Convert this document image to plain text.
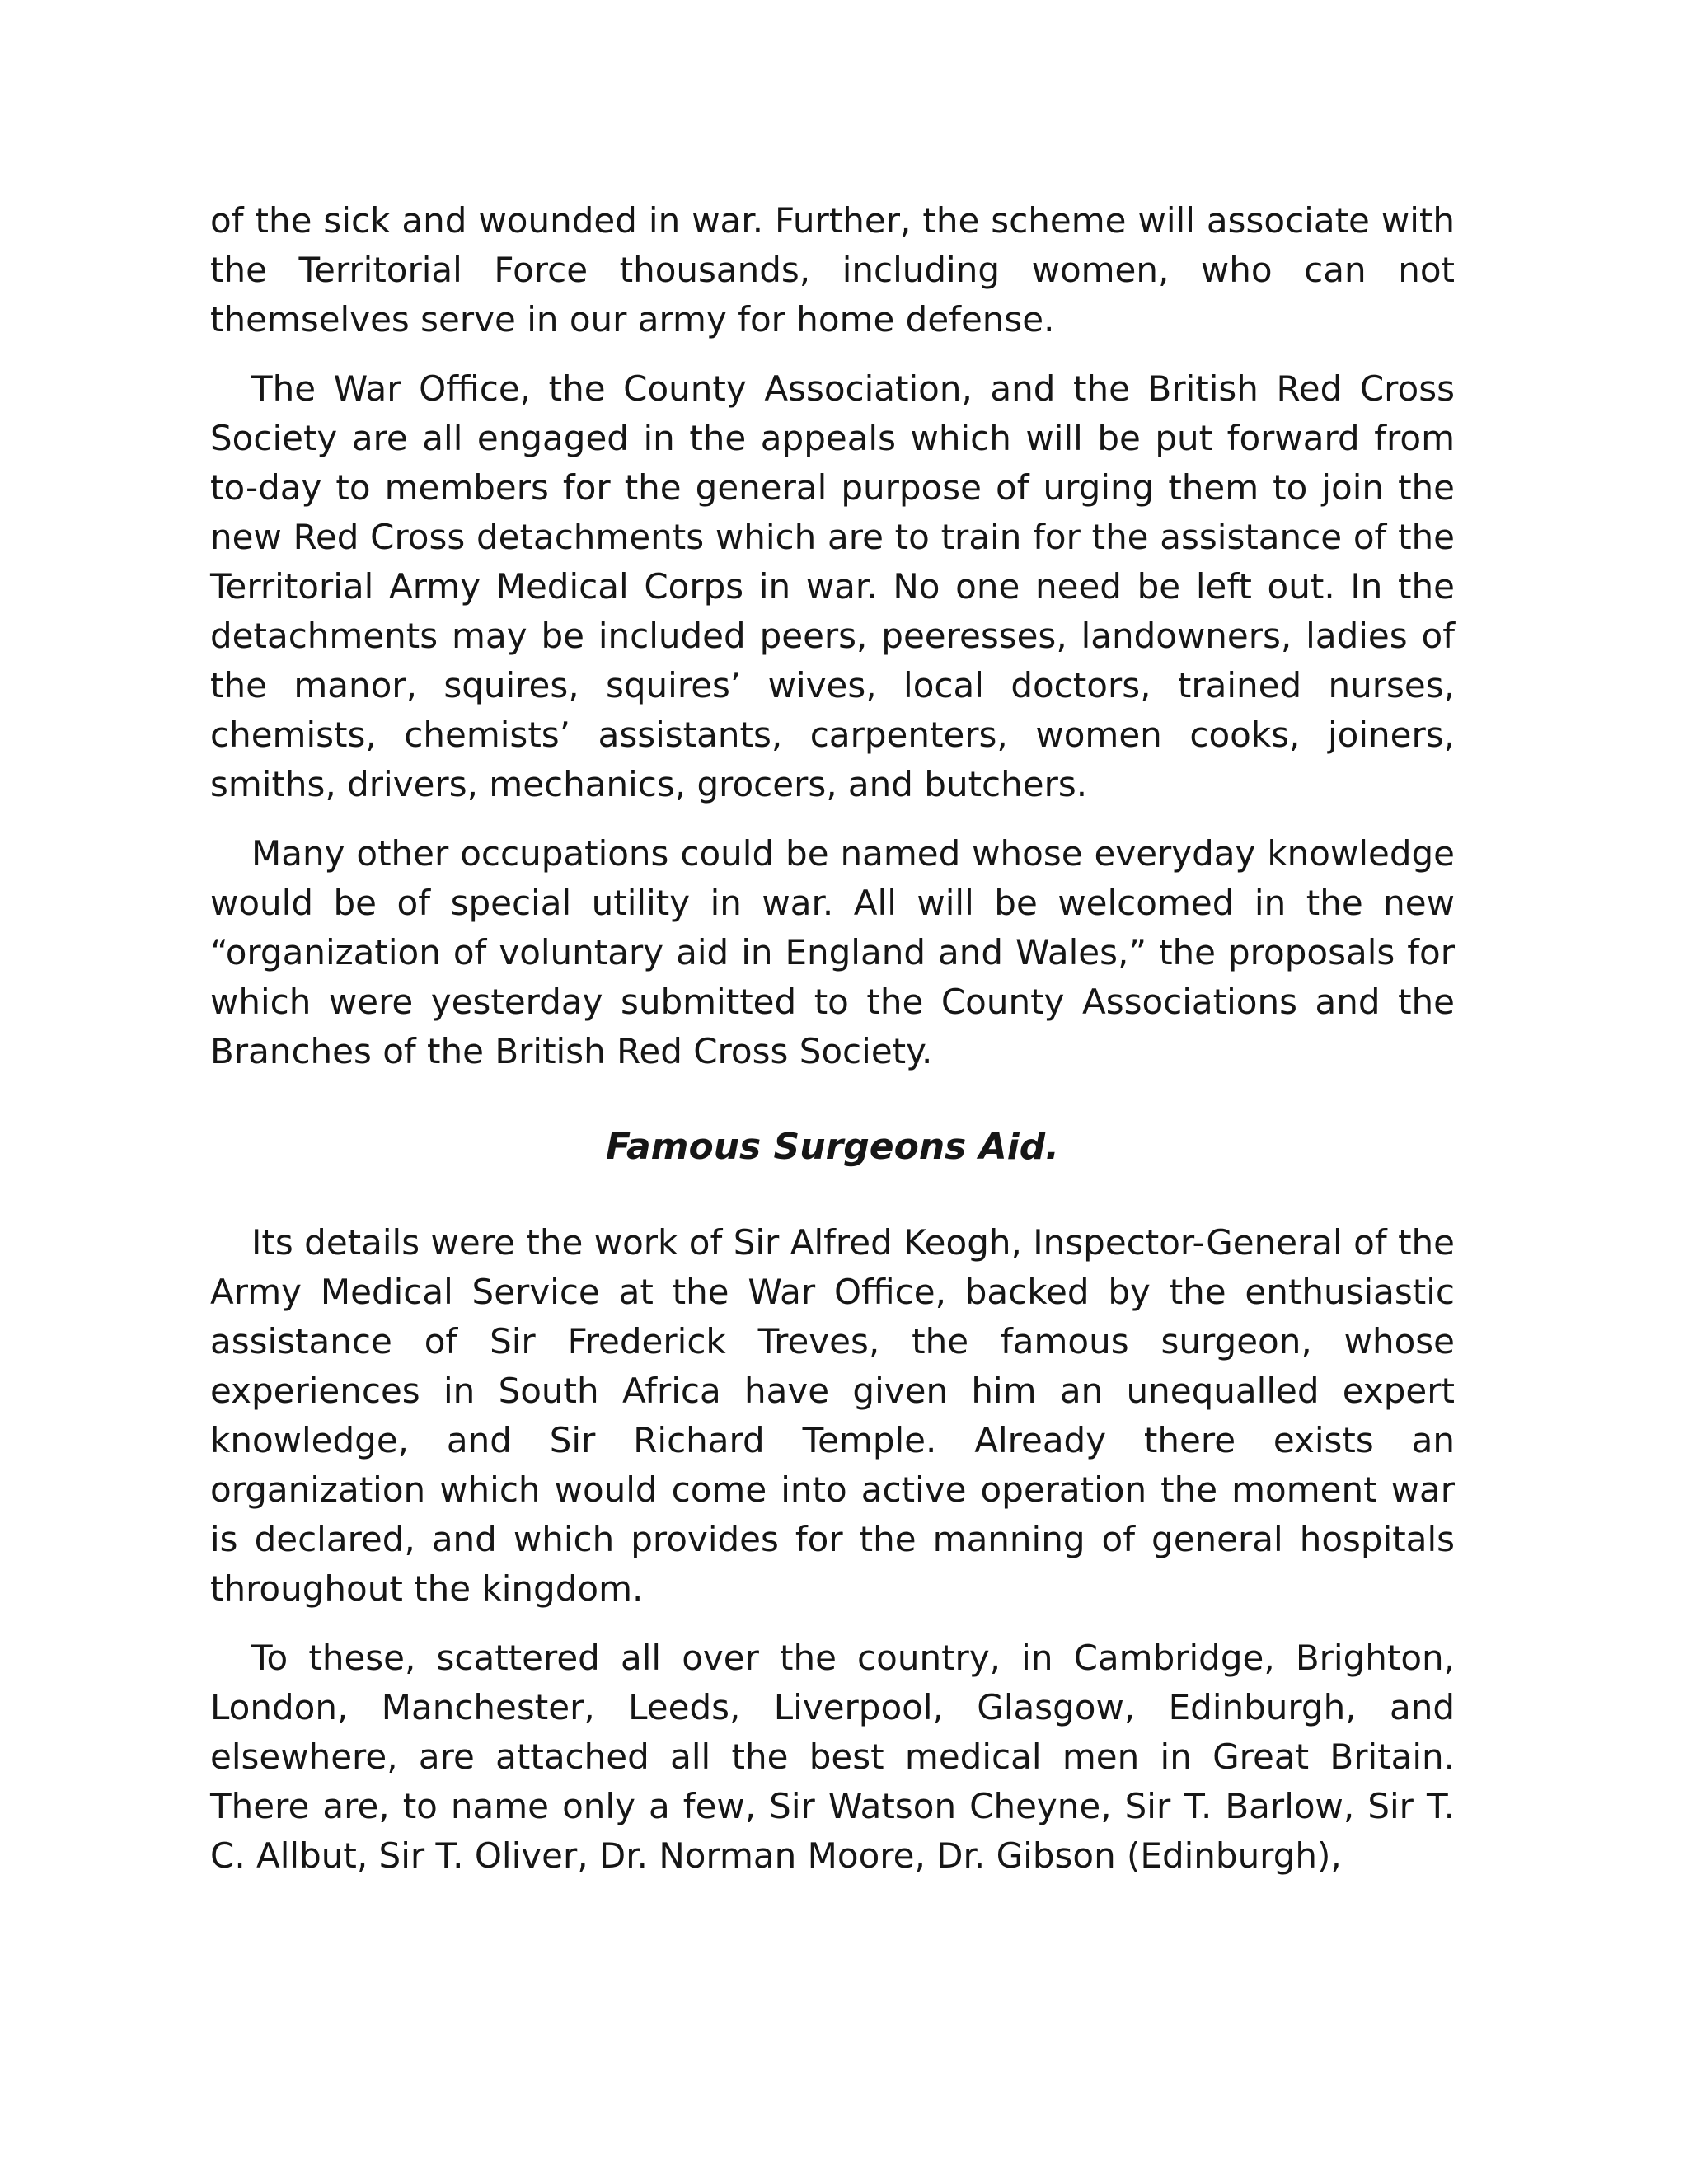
of the sick and wounded in war. Further, the scheme will associate with the Territorial Force thousands, including women, who can not themselves serve in our army for home defense.

The War Office, the County Association, and the British Red Cross Society are all engaged in the appeals which will be put forward from to-day to members for the general purpose of urging them to join the new Red Cross detachments which are to train for the assistance of the Territorial Army Medical Corps in war. No one need be left out. In the detachments may be included peers, peeresses, landowners, ladies of the manor, squires, squires’ wives, local doctors, trained nurses, chemists, chemists’ assistants, carpenters, women cooks, joiners, smiths, drivers, mechanics, grocers, and butchers.

Many other occupations could be named whose everyday knowledge would be of special utility in war. All will be welcomed in the new “organization of voluntary aid in England and Wales,” the proposals for which were yesterday submitted to the County Associations and the Branches of the British Red Cross Society.

Famous Surgeons Aid.

Its details were the work of Sir Alfred Keogh, Inspector-General of the Army Medical Service at the War Office, backed by the enthusiastic assistance of Sir Frederick Treves, the famous surgeon, whose experiences in South Africa have given him an unequalled expert knowledge, and Sir Richard Temple. Already there exists an organization which would come into active operation the moment war is declared, and which provides for the manning of general hospitals throughout the kingdom.

To these, scattered all over the country, in Cambridge, Brighton, London, Manchester, Leeds, Liverpool, Glasgow, Edinburgh, and elsewhere, are attached all the best medical men in Great Britain. There are, to name only a few, Sir Watson Cheyne, Sir T. Barlow, Sir T. C. Allbut, Sir T. Oliver, Dr. Norman Moore, Dr. Gibson (Edinburgh),
